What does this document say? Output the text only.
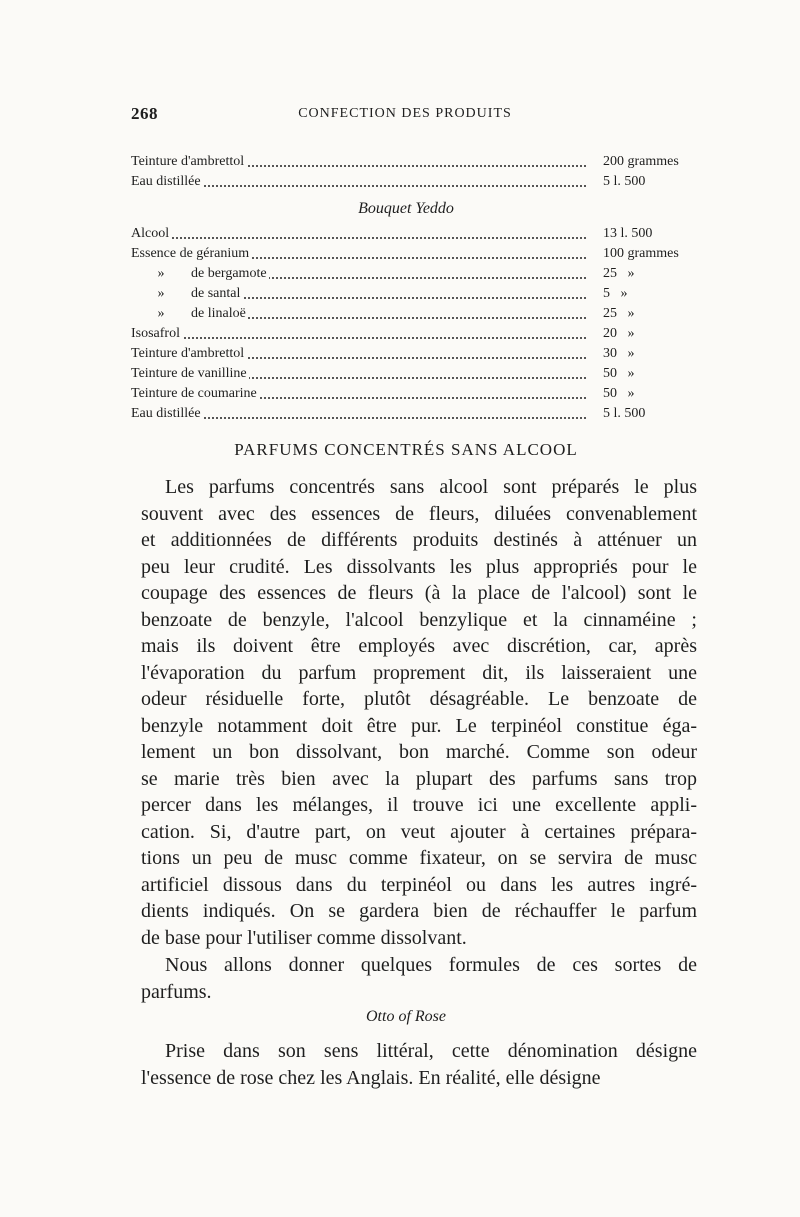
268	CONFECTION DES PRODUITS
Teinture d'ambrettol	200 grammes
Eau distillée	5 l. 500
Bouquet Yeddo
Alcool	13 l. 500
Essence de géranium	100 grammes
» de bergamote	25   »
» de santal	5   »
» de linaloë	25   »
Isosafrol	20   »
Teinture d'ambrettol	30   »
Teinture de vanilline	50   »
Teinture de coumarine	50   »
Eau distillée	5 l. 500
PARFUMS CONCENTRÉS SANS ALCOOL

Les parfums concentrés sans alcool sont préparés le plus
souvent avec des essences de fleurs, diluées convenablement
et additionnées de différents produits destinés à atténuer un
peu leur crudité. Les dissolvants les plus appropriés pour le
coupage des essences de fleurs (à la place de l'alcool) sont le
benzoate de benzyle, l'alcool benzylique et la cinnaméine ;
mais ils doivent être employés avec discrétion, car, après
l'évaporation du parfum proprement dit, ils laisseraient une
odeur résiduelle forte, plutôt désagréable. Le benzoate de
benzyle notamment doit être pur. Le terpinéol constitue éga-
lement un bon dissolvant, bon marché. Comme son odeur
se marie très bien avec la plupart des parfums sans trop
percer dans les mélanges, il trouve ici une excellente appli-
cation. Si, d'autre part, on veut ajouter à certaines prépara-
tions un peu de musc comme fixateur, on se servira de musc
artificiel dissous dans du terpinéol ou dans les autres ingré-
dients indiqués. On se gardera bien de réchauffer le parfum
de base pour l'utiliser comme dissolvant.

Nous allons donner quelques formules de ces sortes de
parfums.

Otto of Rose

Prise dans son sens littéral, cette dénomination désigne
l'essence de rose chez les Anglais. En réalité, elle désigne
